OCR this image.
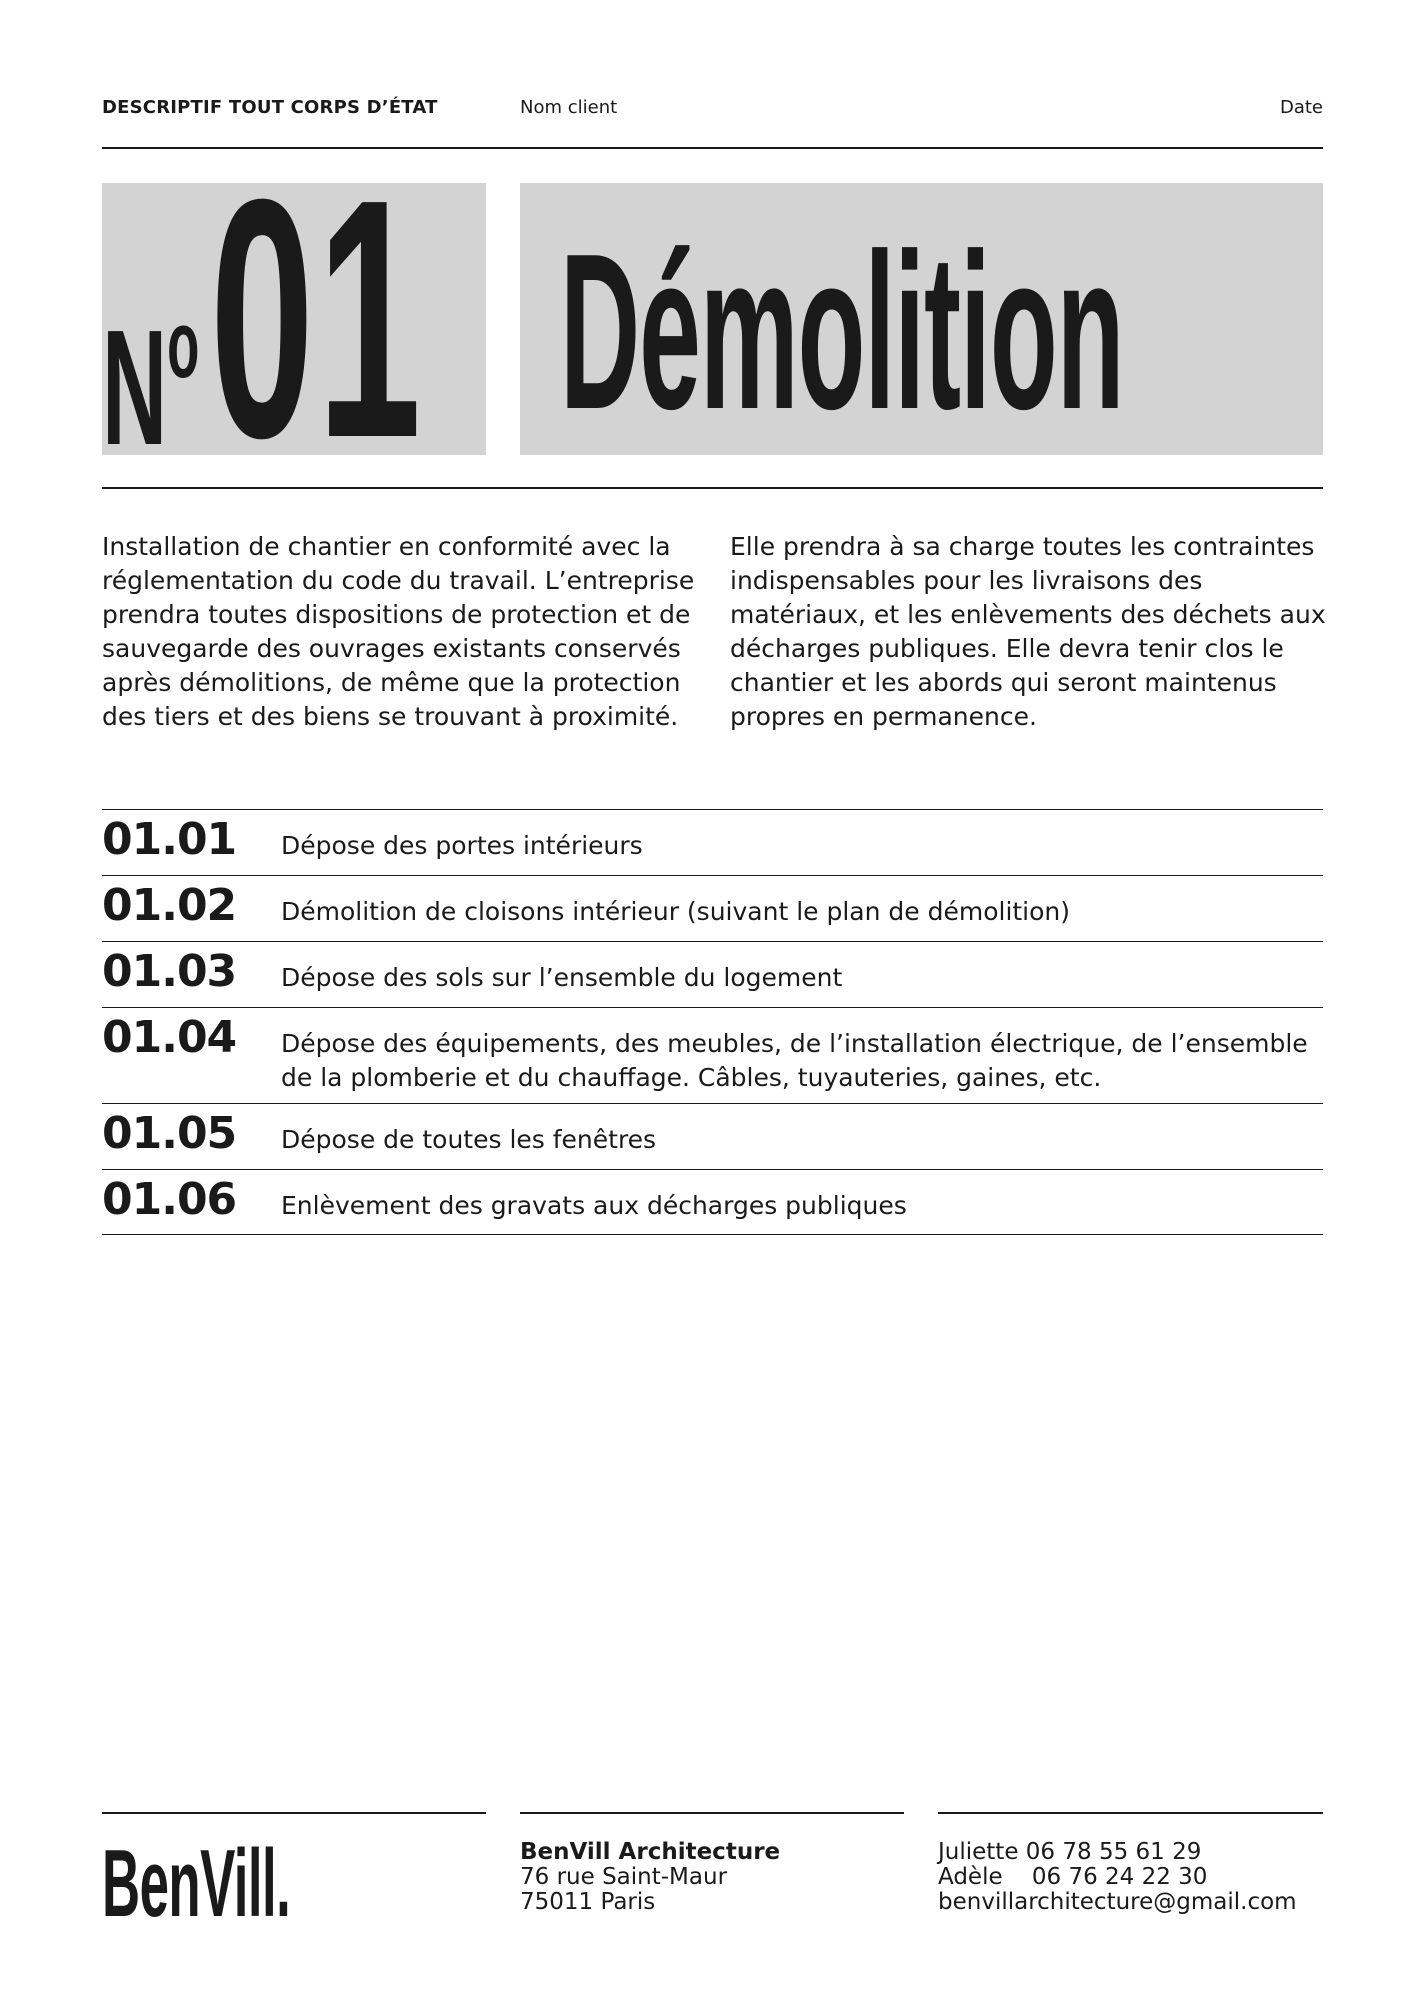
DESCRIPTIF TOUT CORPS D’ÉTAT	Nom client	Date
N o 01 Démolition

Installation de chantier en conformité avec la réglementation du code du travail. L’entreprise prendra toutes dispositions de protection et de sauvegarde des ouvrages existants conservés après démolitions, de même que la protection des tiers et des biens se trouvant à proximité.

Elle prendra à sa charge toutes les contraintes indispensables pour les livraisons des matériaux, et les enlèvements des déchets aux décharges publiques. Elle devra tenir clos le chantier et les abords qui seront maintenus propres en permanence.

01.01	Dépose des portes intérieurs
01.02	Démolition de cloisons intérieur (suivant le plan de démolition)
01.03	Dépose des sols sur l’ensemble du logement
01.04	Dépose des équipements, des meubles, de l’installation électrique, de l’ensemble de la plomberie et du chauffage. Câbles, tuyauteries, gaines, etc.
01.05	Dépose de toutes les fenêtres
01.06	Enlèvement des gravats aux décharges publiques
BenVill.	BenVill Architecture
76 rue Saint-Maur
75011 Paris
Juliette 06 78 55 61 29
Adèle    06 76 24 22 30
benvillarchitecture@gmail.com
